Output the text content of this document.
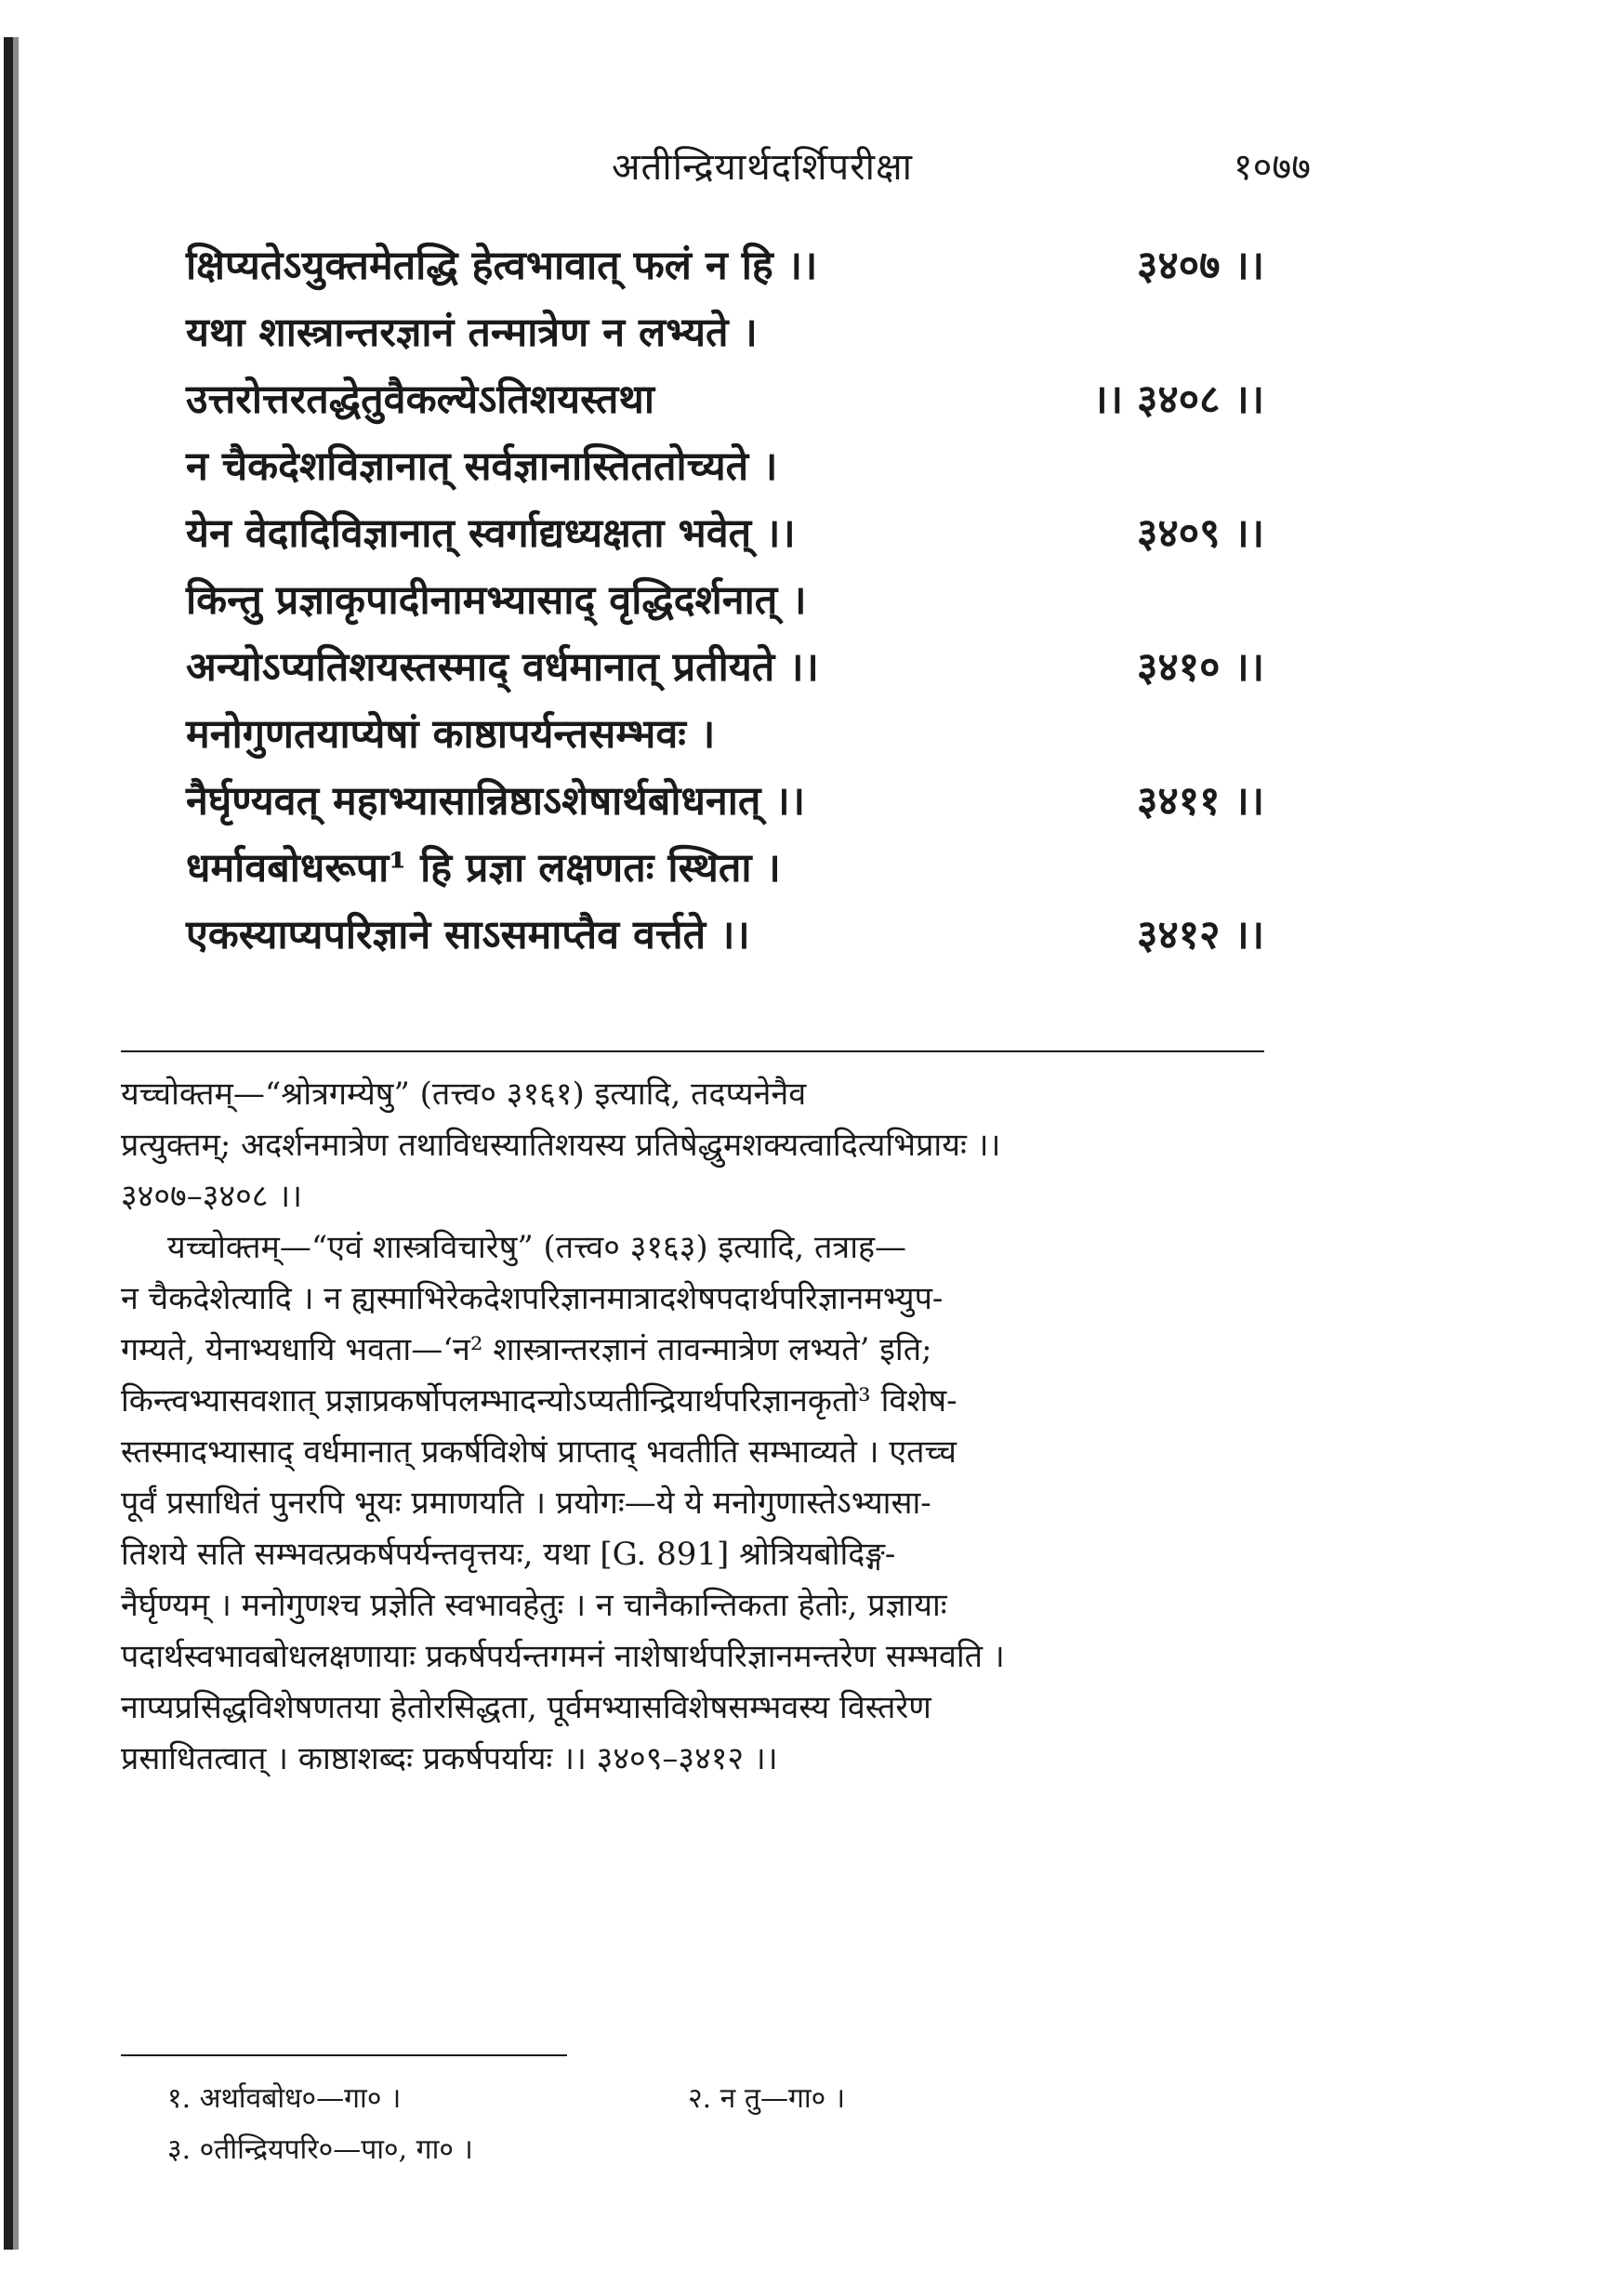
अतीन्द्रियार्थदर्शिपरीक्षा	१०७७
क्षिप्यतेऽयुक्तमेतद्धि हेत्वभावात् फलं न हि ।।	३४०७ ।।
यथा शास्त्रान्तरज्ञानं तन्मात्रेण न लभ्यते ।
उत्तरोत्तरतद्धेतुवैकल्येऽतिशयस्तथा	।। ३४०८ ।।
न चैकदेशविज्ञानात् सर्वज्ञानास्तिततोच्यते ।
येन वेदादिविज्ञानात् स्वर्गाद्यध्यक्षता भवेत् ।।	३४०९ ।।
किन्तु प्रज्ञाकृपादीनामभ्यासाद् वृद्धिदर्शनात् ।
अन्योऽप्यतिशयस्तस्माद् वर्धमानात् प्रतीयते ।।	३४१० ।।
मनोगुणतयाप्येषां काष्ठापर्यन्तसम्भवः ।
नैर्घृण्यवत् महाभ्यासान्निष्ठाऽशेषार्थबोधनात् ।।	३४११ ।।
धर्मावबोधरूपा¹ हि प्रज्ञा लक्षणतः स्थिता ।
एकस्याप्यपरिज्ञाने साऽसमाप्तैव वर्त्तते ।।	३४१२ ।।
यच्चोक्तम्—“श्रोत्रगम्येषु” (तत्त्व० ३१६१) इत्यादि, तदप्यनेनैव
प्रत्युक्तम्; अदर्शनमात्रेण तथाविधस्यातिशयस्य प्रतिषेद्धुमशक्यत्वादित्यभिप्रायः ।।
३४०७–३४०८ ।।
यच्चोक्तम्—“एवं शास्त्रविचारेषु” (तत्त्व० ३१६३) इत्यादि, तत्राह—
न चैकदेशेत्यादि । न ह्यस्माभिरेकदेशपरिज्ञानमात्रादशेषपदार्थपरिज्ञानमभ्युप-
गम्यते, येनाभ्यधायि भवता—‘न² शास्त्रान्तरज्ञानं तावन्मात्रेण लभ्यते’ इति;
किन्त्वभ्यासवशात् प्रज्ञाप्रकर्षोपलम्भादन्योऽप्यतीन्द्रियार्थपरिज्ञानकृतो³ विशेष-
स्तस्मादभ्यासाद् वर्धमानात् प्रकर्षविशेषं प्राप्ताद् भवतीति सम्भाव्यते । एतच्च
पूर्वं प्रसाधितं पुनरपि भूयः प्रमाणयति । प्रयोगः—ये ये मनोगुणास्तेऽभ्यासा-
तिशये सति सम्भवत्प्रकर्षपर्यन्तवृत्तयः, यथा [G. 891] श्रोत्रियबोदिङ्ग-
नैर्घृण्यम् । मनोगुणश्च प्रज्ञेति स्वभावहेतुः । न चानैकान्तिकता हेतोः, प्रज्ञायाः
पदार्थस्वभावबोधलक्षणायाः प्रकर्षपर्यन्तगमनं नाशेषार्थपरिज्ञानमन्तरेण सम्भवति ।
नाप्यप्रसिद्धविशेषणतया हेतोरसिद्धता, पूर्वमभ्यासविशेषसम्भवस्य विस्तरेण
प्रसाधितत्वात् । काष्ठाशब्दः प्रकर्षपर्यायः ।। ३४०९–३४१२ ।।
१. अर्थावबोध०—गा० ।	२. न तु—गा० ।
३. ०तीन्द्रियपरि०—पा०, गा० ।
